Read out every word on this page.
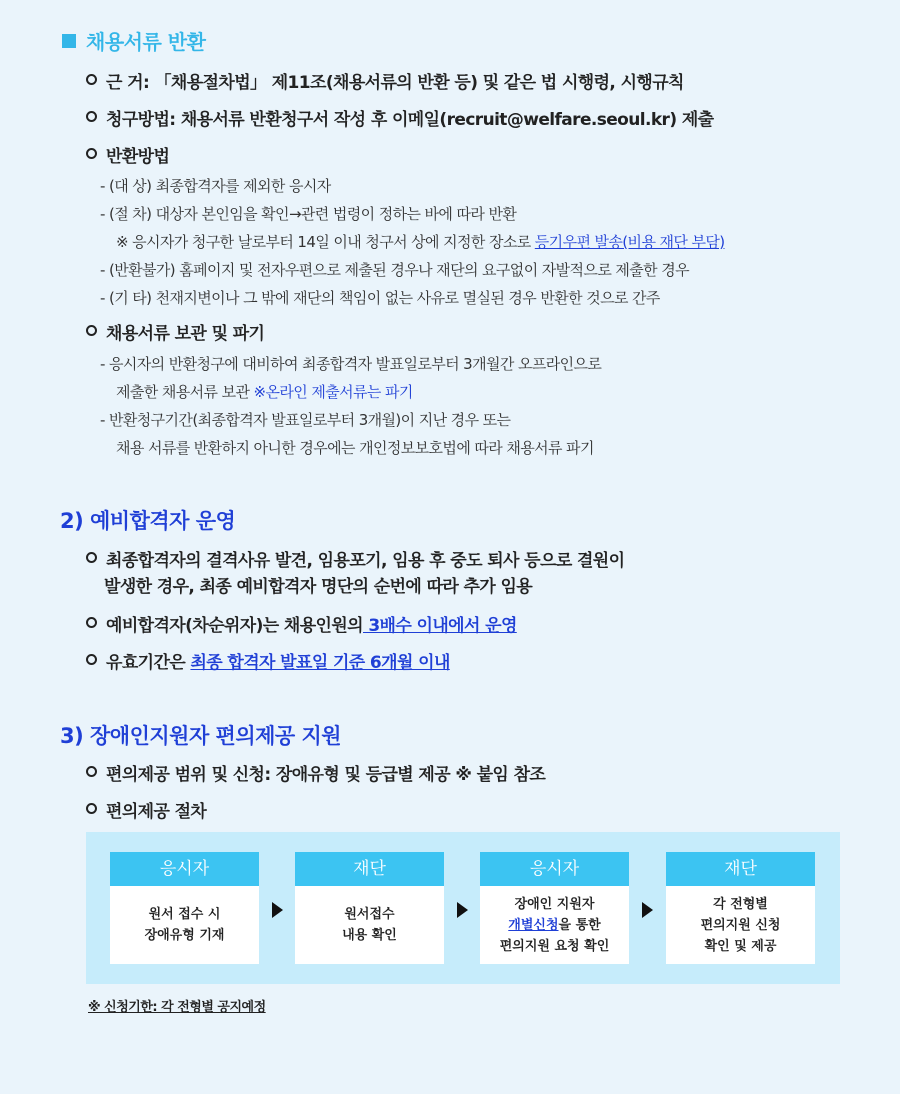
채용서류 반환
근 거: 「채용절차법」 제11조(채용서류의 반환 등) 및 같은 법 시행령, 시행규칙
청구방법: 채용서류 반환청구서 작성 후 이메일(recruit@welfare.seoul.kr) 제출
반환방법
- (대 상) 최종합격자를 제외한 응시자
- (절 차) 대상자 본인임을 확인→관련 법령이 정하는 바에 따라 반환
※ 응시자가 청구한 날로부터 14일 이내 청구서 상에 지정한 장소로 등기우편 발송(비용 재단 부담)
- (반환불가) 홈페이지 및 전자우편으로 제출된 경우나 재단의 요구없이 자발적으로 제출한 경우
- (기 타) 천재지변이나 그 밖에 재단의 책임이 없는 사유로 멸실된 경우 반환한 것으로 간주
채용서류 보관 및 파기
- 응시자의 반환청구에 대비하여 최종합격자 발표일로부터 3개월간 오프라인으로
제출한 채용서류 보관 ※온라인 제출서류는 파기
- 반환청구기간(최종합격자 발표일로부터 3개월)이 지난 경우 또는
채용 서류를 반환하지 아니한 경우에는 개인정보보호법에 따라 채용서류 파기
2) 예비합격자 운영
최종합격자의 결격사유 발견, 임용포기, 임용 후 중도 퇴사 등으로 결원이
발생한 경우, 최종 예비합격자 명단의 순번에 따라 추가 임용
예비합격자(차순위자)는 채용인원의 3배수 이내에서 운영
유효기간은 최종 합격자 발표일 기준 6개월 이내
3) 장애인지원자 편의제공 지원
편의제공 범위 및 신청: 장애유형 및 등급별 제공 ※ 붙임 참조
편의제공 절차
응시자
원서 접수 시
장애유형 기재
재단
원서접수
내용 확인
응시자
장애인 지원자
개별신청을 통한
편의지원 요청 확인
재단
각 전형별
편의지원 신청
확인 및 제공
※ 신청기한: 각 전형별 공지예정
